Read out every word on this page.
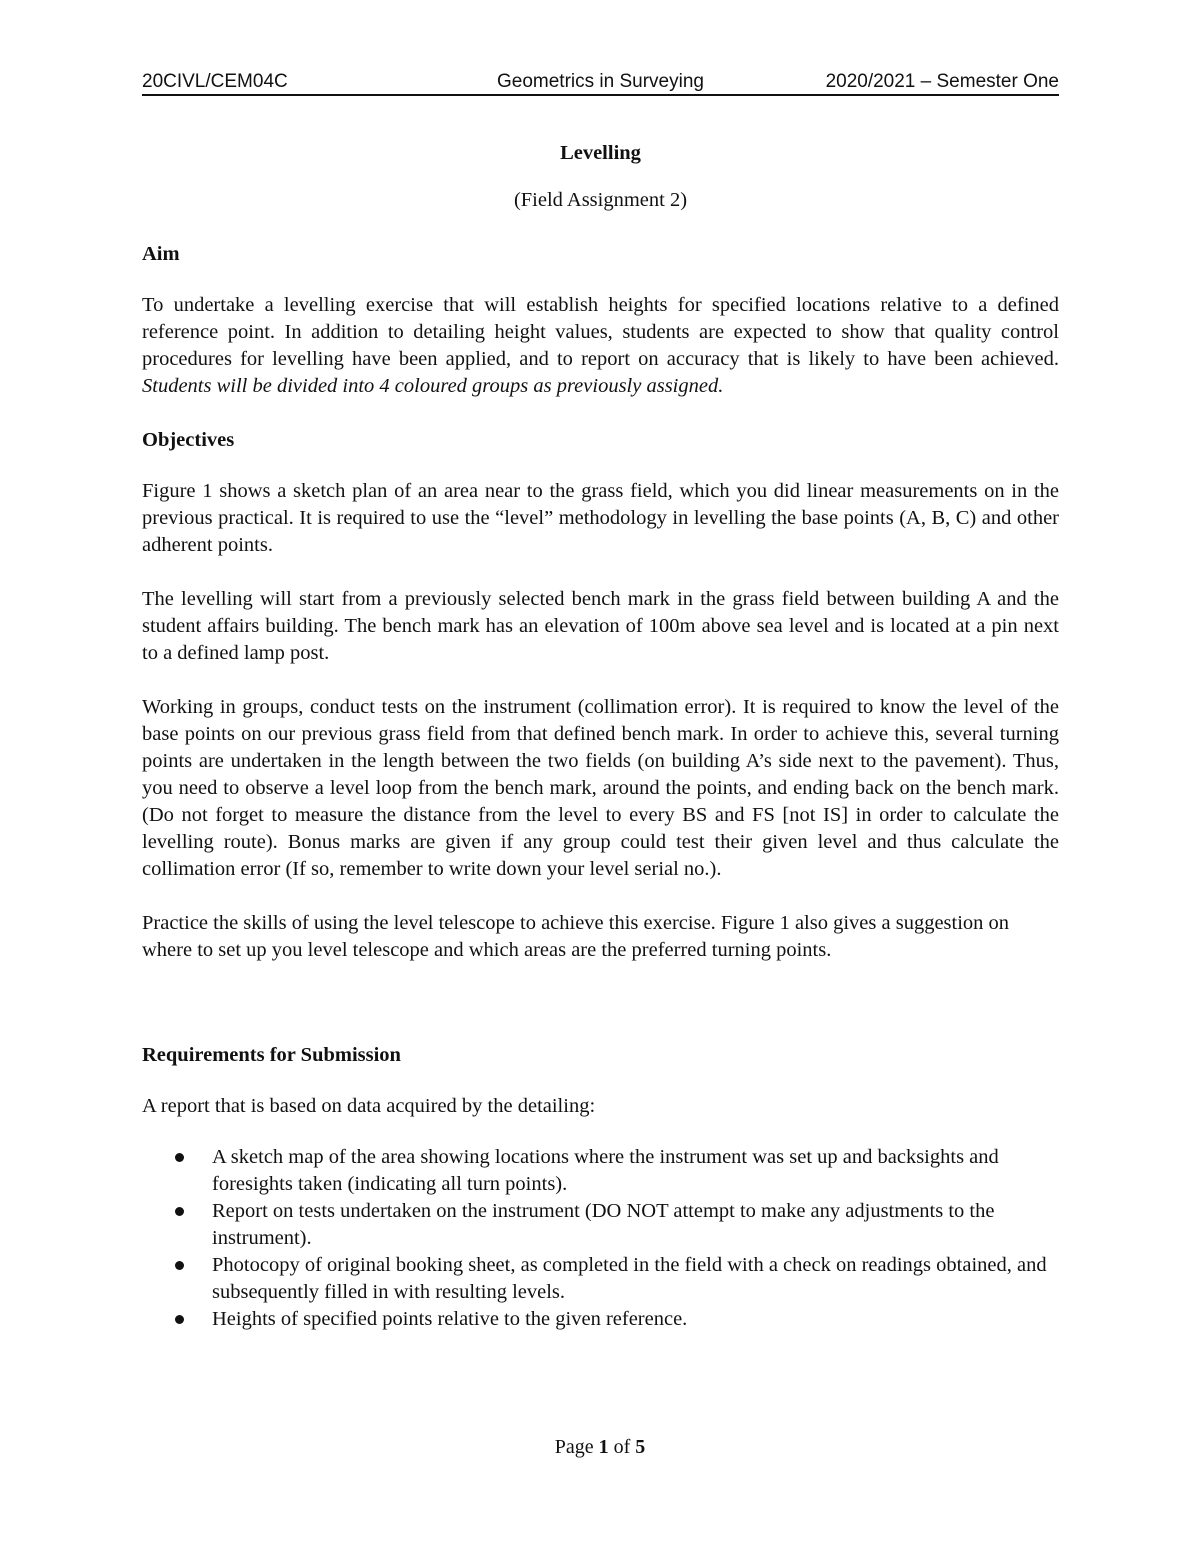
20CIVL/CEM04C	Geometrics in Surveying	2020/2021 – Semester One

Levelling

(Field Assignment 2)

Aim

To undertake a levelling exercise that will establish heights for specified locations relative to a defined reference point. In addition to detailing height values, students are expected to show that quality control procedures for levelling have been applied, and to report on accuracy that is likely to have been achieved. Students will be divided into 4 coloured groups as previously assigned.

Objectives

Figure 1 shows a sketch plan of an area near to the grass field, which you did linear measurements on in the previous practical. It is required to use the “level” methodology in levelling the base points (A, B, C) and other adherent points.

The levelling will start from a previously selected bench mark in the grass field between building A and the student affairs building. The bench mark has an elevation of 100m above sea level and is located at a pin next to a defined lamp post.

Working in groups, conduct tests on the instrument (collimation error). It is required to know the level of the base points on our previous grass field from that defined bench mark. In order to achieve this, several turning points are undertaken in the length between the two fields (on building A’s side next to the pavement). Thus, you need to observe a level loop from the bench mark, around the points, and ending back on the bench mark. (Do not forget to measure the distance from the level to every BS and FS [not IS] in order to calculate the levelling route). Bonus marks are given if any group could test their given level and thus calculate the collimation error (If so, remember to write down your level serial no.).

Practice the skills of using the level telescope to achieve this exercise. Figure 1 also gives a suggestion on where to set up you level telescope and which areas are the preferred turning points.

Requirements for Submission

A report that is based on data acquired by the detailing:

A sketch map of the area showing locations where the instrument was set up and backsights and foresights taken (indicating all turn points).
Report on tests undertaken on the instrument (DO NOT attempt to make any adjustments to the instrument).
Photocopy of original booking sheet, as completed in the field with a check on readings obtained, and subsequently filled in with resulting levels.
Heights of specified points relative to the given reference.
Page 1 of 5
